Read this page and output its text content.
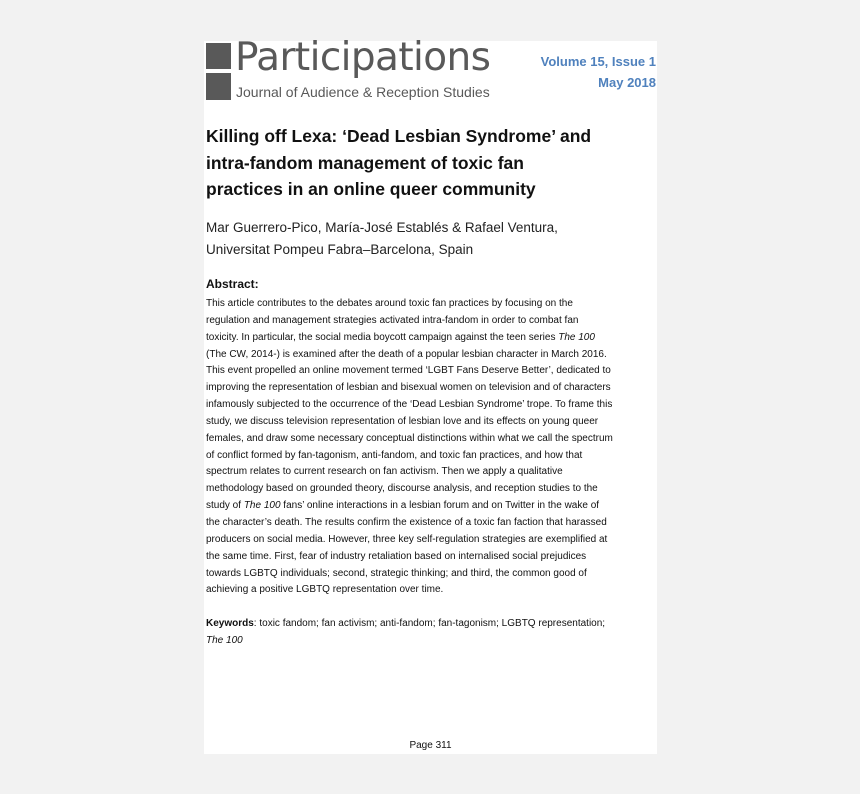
Participations
Journal of Audience & Reception Studies
Volume 15, Issue 1
May 2018
Killing off Lexa: ‘Dead Lesbian Syndrome’ and
intra-fandom management of toxic fan
practices in an online queer community
Mar Guerrero-Pico, María-José Establés & Rafael Ventura,
Universitat Pompeu Fabra–Barcelona, Spain
Abstract:
This article contributes to the debates around toxic fan practices by focusing on the
regulation and management strategies activated intra-fandom in order to combat fan
toxicity. In particular, the social media boycott campaign against the teen series The 100
(The CW, 2014-) is examined after the death of a popular lesbian character in March 2016.
This event propelled an online movement termed ‘LGBT Fans Deserve Better’, dedicated to
improving the representation of lesbian and bisexual women on television and of characters
infamously subjected to the occurrence of the ‘Dead Lesbian Syndrome’ trope. To frame this
study, we discuss television representation of lesbian love and its effects on young queer
females, and draw some necessary conceptual distinctions within what we call the spectrum
of conflict formed by fan-tagonism, anti-fandom, and toxic fan practices, and how that
spectrum relates to current research on fan activism. Then we apply a qualitative
methodology based on grounded theory, discourse analysis, and reception studies to the
study of The 100 fans’ online interactions in a lesbian forum and on Twitter in the wake of
the character’s death. The results confirm the existence of a toxic fan faction that harassed
producers on social media. However, three key self-regulation strategies are exemplified at
the same time. First, fear of industry retaliation based on internalised social prejudices
towards LGBTQ individuals; second, strategic thinking; and third, the common good of
achieving a positive LGBTQ representation over time.
Keywords: toxic fandom; fan activism; anti-fandom; fan-tagonism; LGBTQ representation;
The 100
Page 311
